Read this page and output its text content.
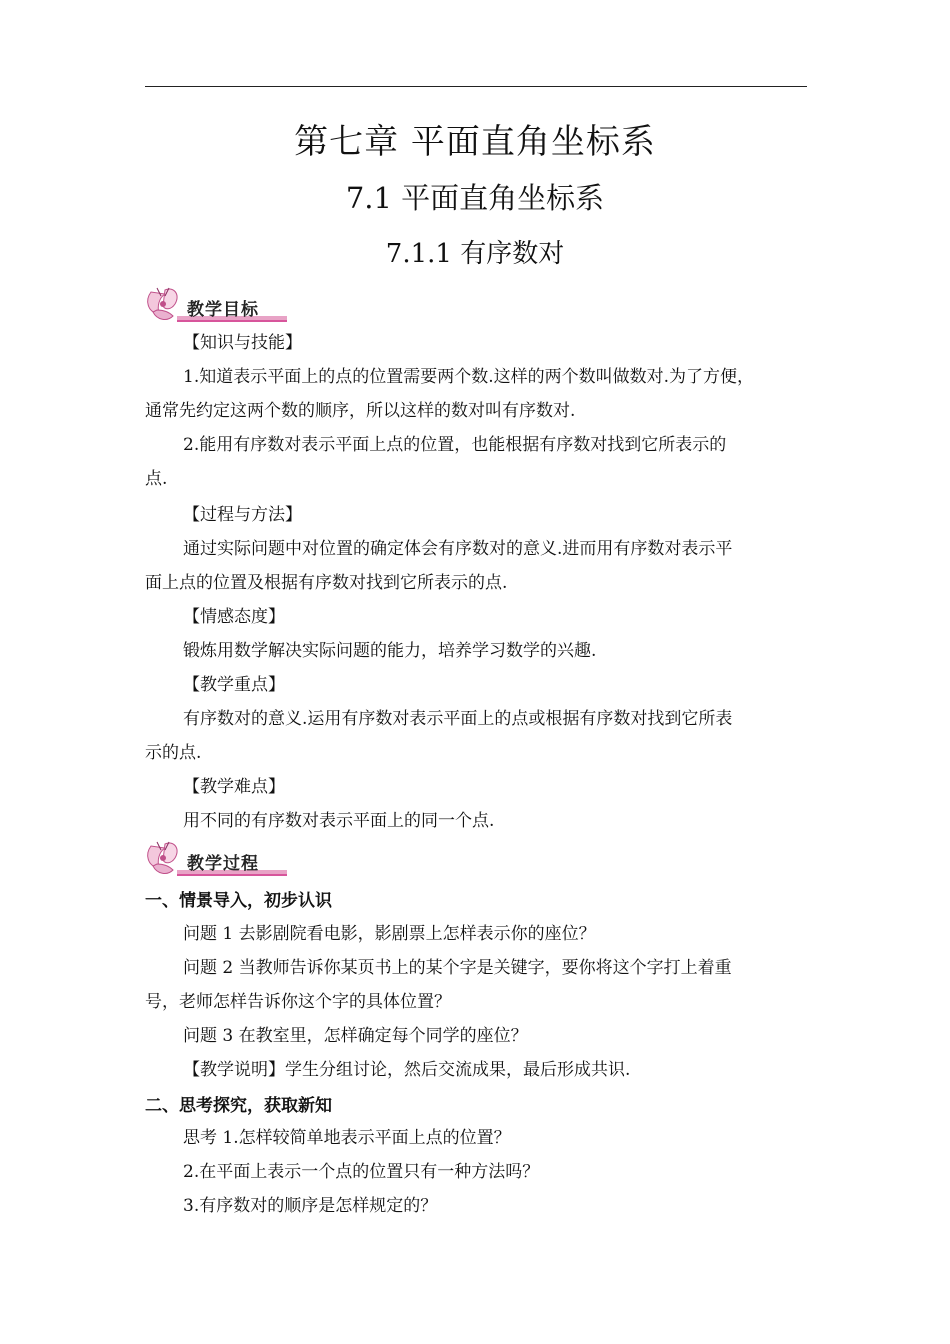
第七章 平面直角坐标系
7.1 平面直角坐标系
7.1.1 有序数对
教学目标
【知识与技能】
1.知道表示平面上的点的位置需要两个数.这样的两个数叫做数对.为了方便，
通常先约定这两个数的顺序，所以这样的数对叫有序数对.
2.能用有序数对表示平面上点的位置，也能根据有序数对找到它所表示的
点.
【过程与方法】
通过实际问题中对位置的确定体会有序数对的意义.进而用有序数对表示平
面上点的位置及根据有序数对找到它所表示的点.
【情感态度】
锻炼用数学解决实际问题的能力，培养学习数学的兴趣.
【教学重点】
有序数对的意义.运用有序数对表示平面上的点或根据有序数对找到它所表
示的点.
【教学难点】
用不同的有序数对表示平面上的同一个点.
教学过程
一、情景导入，初步认识
问题 1 去影剧院看电影，影剧票上怎样表示你的座位？
问题 2 当教师告诉你某页书上的某个字是关键字，要你将这个字打上着重
号，老师怎样告诉你这个字的具体位置？
问题 3 在教室里，怎样确定每个同学的座位？
【教学说明】学生分组讨论，然后交流成果，最后形成共识.
二、思考探究，获取新知
思考 1.怎样较简单地表示平面上点的位置？
2.在平面上表示一个点的位置只有一种方法吗？
3.有序数对的顺序是怎样规定的？
